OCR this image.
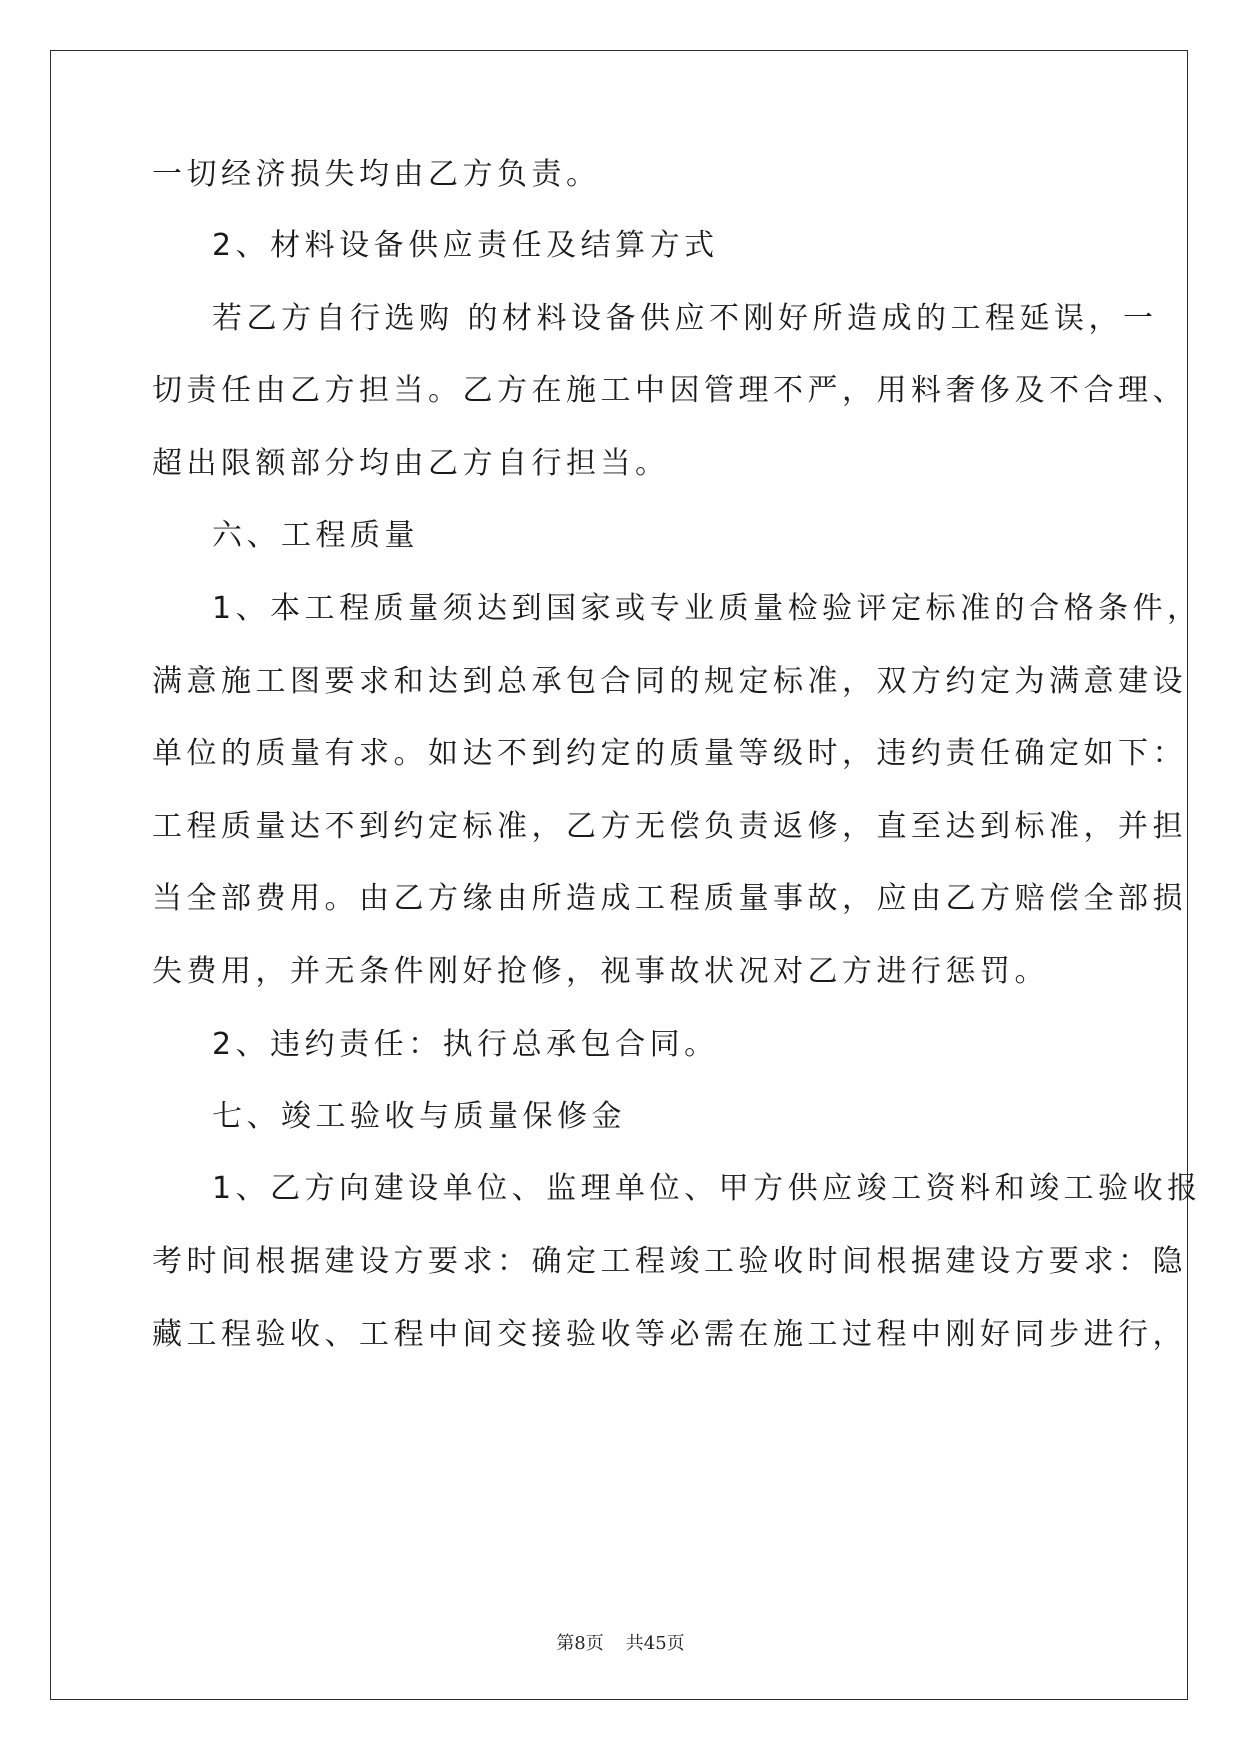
一切经济损失均由乙方负责。
2、材料设备供应责任及结算方式
若乙方自行选购 的材料设备供应不刚好所造成的工程延误，一
切责任由乙方担当。乙方在施工中因管理不严，用料奢侈及不合理、
超出限额部分均由乙方自行担当。
六、工程质量
1、本工程质量须达到国家或专业质量检验评定标准的合格条件，
满意施工图要求和达到总承包合同的规定标准，双方约定为满意建设
单位的质量有求。如达不到约定的质量等级时，违约责任确定如下：
工程质量达不到约定标准，乙方无偿负责返修，直至达到标准，并担
当全部费用。由乙方缘由所造成工程质量事故，应由乙方赔偿全部损
失费用，并无条件刚好抢修，视事故状况对乙方进行惩罚。
2、违约责任：执行总承包合同。
七、竣工验收与质量保修金
1、乙方向建设单位、监理单位、甲方供应竣工资料和竣工验收报
考时间根据建设方要求：确定工程竣工验收时间根据建设方要求：隐
藏工程验收、工程中间交接验收等必需在施工过程中刚好同步进行，
第8页 共45页
